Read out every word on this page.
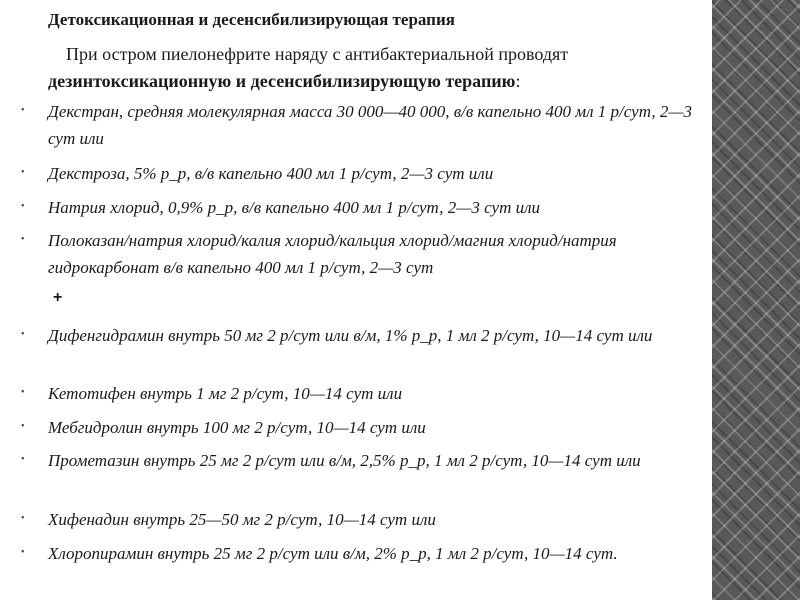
Детоксикационная и десенсибилизирующая терапия

При остром пиелонефрите наряду с антибактериальной проводят дезинтоксикационную и десенсибилизирующую терапию:

• Декстран, средняя молекулярная масса 30 000—40 000, в/в капельно 400 мл 1 р/сут, 2—3 сут или
• Декстроза, 5% р_р, в/в капельно 400 мл 1 р/сут, 2—3 сут или
• Натрия хлорид, 0,9% р_р, в/в капельно 400 мл 1 р/сут, 2—3 сут или
• Полоказан/натрия хлорид/калия хлорид/кальция хлорид/магния хлорид/натрия гидрокарбонат в/в капельно 400 мл 1 р/сут, 2—3 сут
+
• Дифенгидрамин внутрь 50 мг 2 р/сут или в/м, 1% р_р, 1 мл 2 р/сут, 10—14 сут или
• Кетотифен внутрь 1 мг 2 р/сут, 10—14 сут или
• Мебгидролин внутрь 100 мг 2 р/сут, 10—14 сут или
• Прометазин внутрь 25 мг 2 р/сут или в/м, 2,5% р_р, 1 мл 2 р/сут, 10—14 сут или
• Хифенадин внутрь 25—50 мг 2 р/сут, 10—14 сут или
• Хлоропирамин внутрь 25 мг 2 р/сут или в/м, 2% р_р, 1 мл 2 р/сут, 10—14 сут.
